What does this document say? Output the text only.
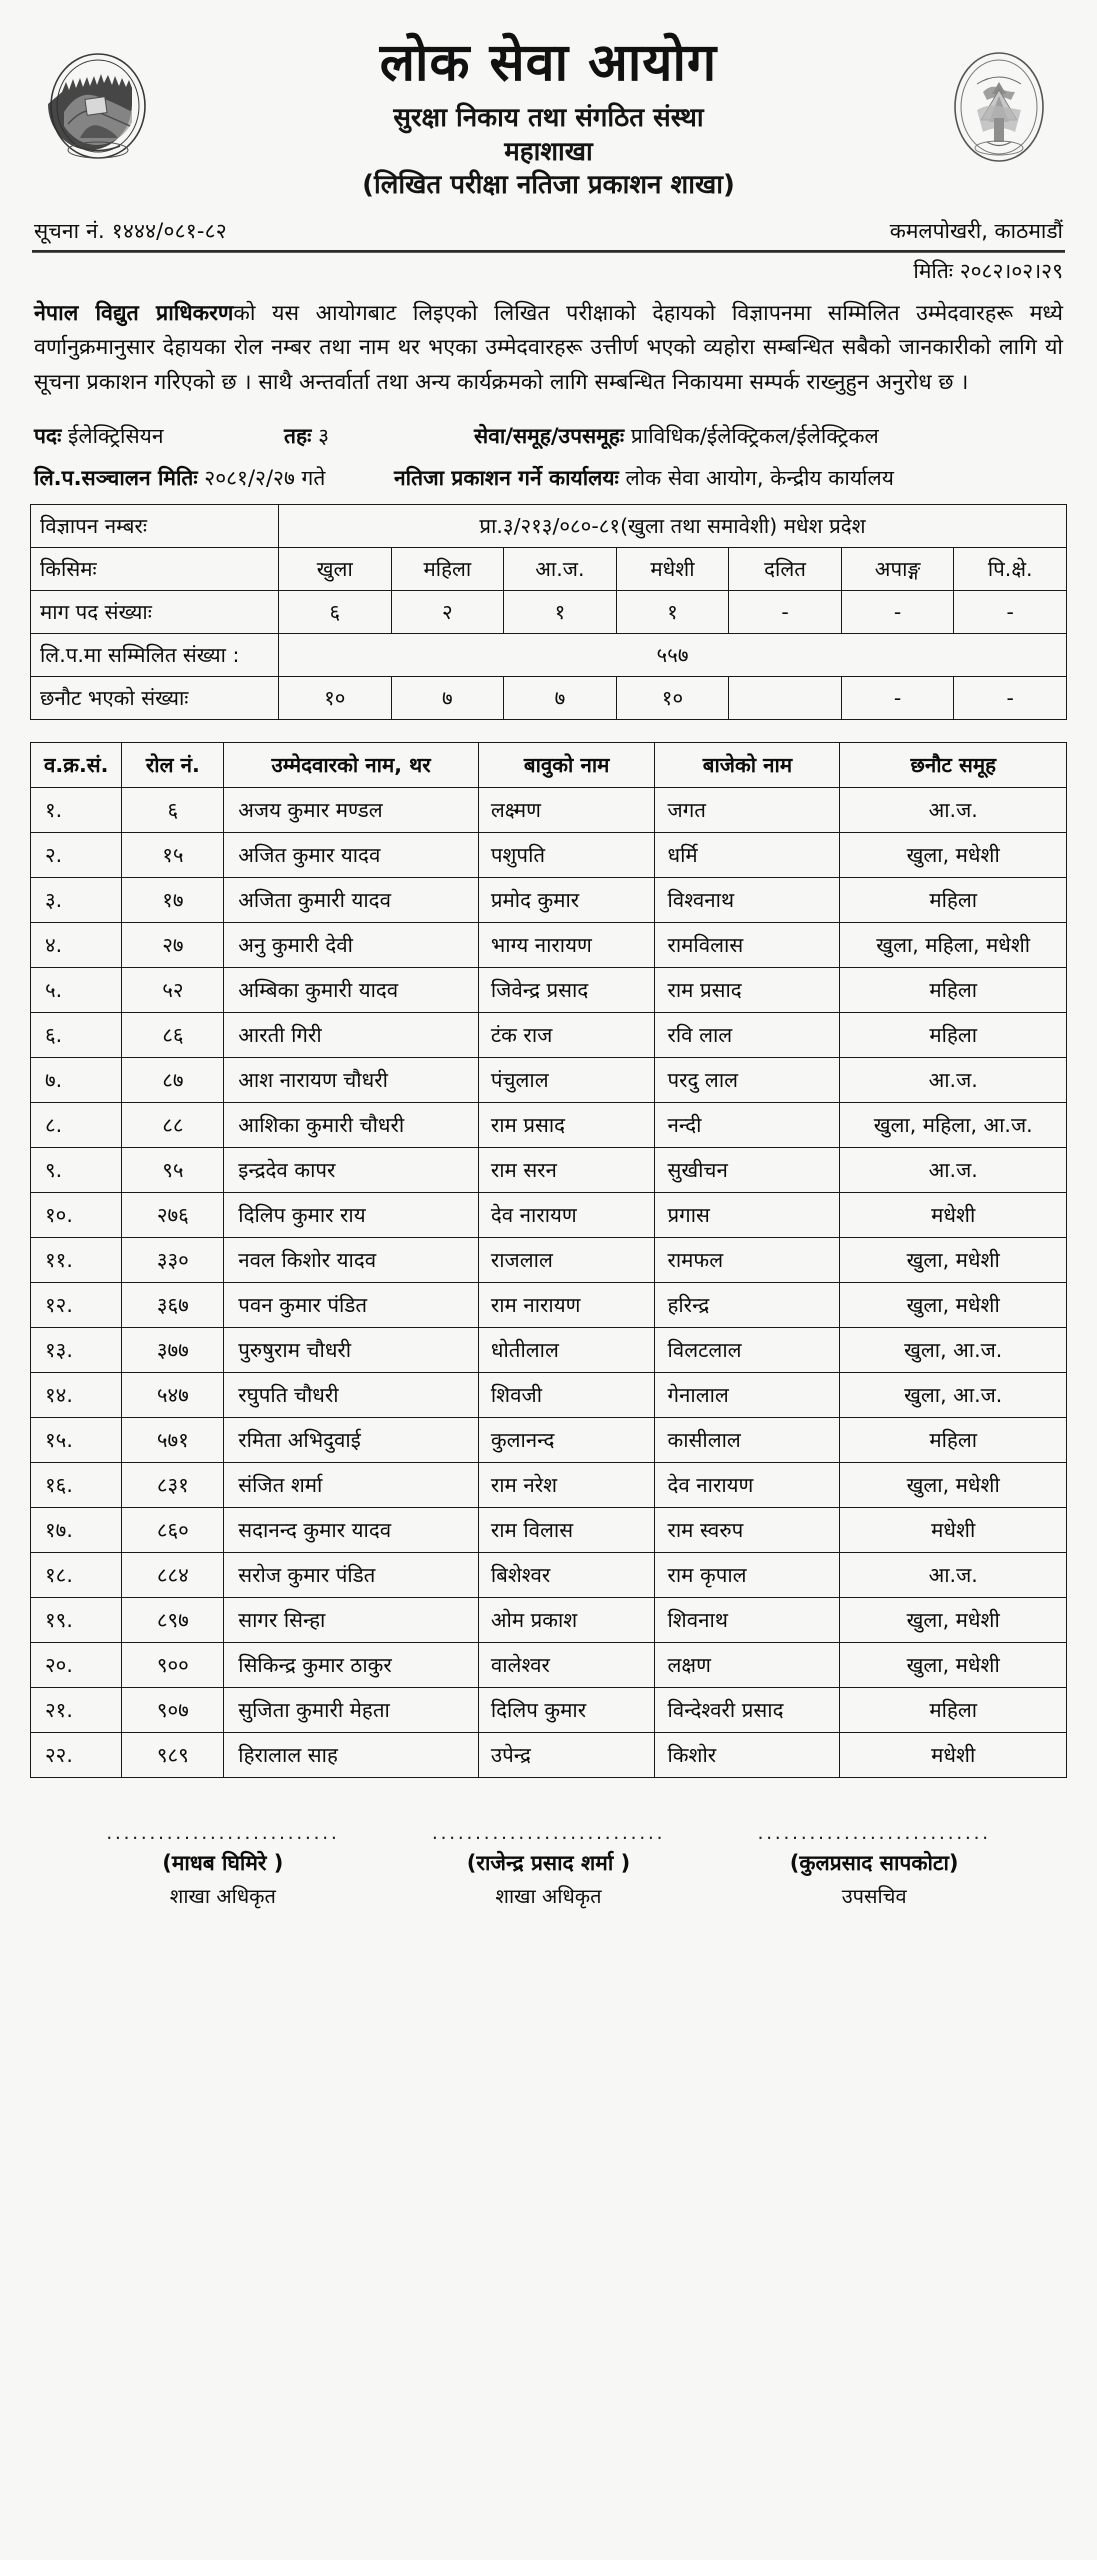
लोक सेवा आयोग
सुरक्षा निकाय तथा संगठित संस्था
महाशाखा
(लिखित परीक्षा नतिजा प्रकाशन शाखा)
सूचना नं. १४४४/०८१-८२	कमलपोखरी, काठमाडौं
मितिः २०८२।०२।२९
नेपाल विद्युत प्राधिकरणको यस आयोगबाट लिइएको लिखित परीक्षाको देहायको विज्ञापनमा सम्मिलित उम्मेदवारहरू मध्ये वर्णानुक्रमानुसार देहायका रोल नम्बर तथा नाम थर भएका उम्मेदवारहरू उत्तीर्ण भएको व्यहोरा सम्बन्धित सबैको जानकारीको लागि यो सूचना प्रकाशन गरिएको छ । साथै अन्तर्वार्ता तथा अन्य कार्यक्रमको लागि सम्बन्धित निकायमा सम्पर्क राख्नुहुन अनुरोध छ ।
पदः ईलेक्ट्रिसियन	तहः ३	सेवा/समूह/उपसमूहः प्राविधिक/ईलेक्ट्रिकल/ईलेक्ट्रिकल
लि.प.सञ्चालन मितिः २०८१/२/२७ गते	नतिजा प्रकाशन गर्ने कार्यालयः लोक सेवा आयोग, केन्द्रीय कार्यालय
विज्ञापन नम्बरः	प्रा.३/२१३/०८०-८१(खुला तथा समावेशी) मधेश प्रदेश						
किसिमः	खुला	महिला	आ.ज.	मधेशी	दलित	अपाङ्ग	पि.क्षे.
माग पद संख्याः	६	२	१	१	-	-	-
लि.प.मा सम्मिलित संख्या :	५५७						
छनौट भएको संख्याः	१०	७	७	१०		-	-
व.क्र.सं.	रोल नं.	उम्मेदवारको नाम, थर	बावुको नाम	बाजेको नाम	छनौट समूह
१.	६	अजय कुमार मण्डल	लक्ष्मण	जगत	आ.ज.
२.	१५	अजित कुमार यादव	पशुपति	धर्मि	खुला, मधेशी
३.	१७	अजिता कुमारी यादव	प्रमोद कुमार	विश्वनाथ	महिला
४.	२७	अनु कुमारी देवी	भाग्य नारायण	रामविलास	खुला, महिला, मधेशी
५.	५२	अम्बिका कुमारी यादव	जिवेन्द्र प्रसाद	राम प्रसाद	महिला
६.	८६	आरती गिरी	टंक राज	रवि लाल	महिला
७.	८७	आश नारायण चौधरी	पंचुलाल	परदु लाल	आ.ज.
८.	८८	आशिका कुमारी चौधरी	राम प्रसाद	नन्दी	खुला, महिला, आ.ज.
९.	९५	इन्द्रदेव कापर	राम सरन	सुखीचन	आ.ज.
१०.	२७६	दिलिप कुमार राय	देव नारायण	प्रगास	मधेशी
११.	३३०	नवल किशोर यादव	राजलाल	रामफल	खुला, मधेशी
१२.	३६७	पवन कुमार पंडित	राम नारायण	हरिन्द्र	खुला, मधेशी
१३.	३७७	पुरुषुराम चौधरी	धोतीलाल	विलटलाल	खुला, आ.ज.
१४.	५४७	रघुपति चौधरी	शिवजी	गेनालाल	खुला, आ.ज.
१५.	५७१	रमिता अभिदुवाई	कुलानन्द	कासीलाल	महिला
१६.	८३१	संजित शर्मा	राम नरेश	देव नारायण	खुला, मधेशी
१७.	८६०	सदानन्द कुमार यादव	राम विलास	राम स्वरुप	मधेशी
१८.	८८४	सरोज कुमार पंडित	बिशेश्वर	राम कृपाल	आ.ज.
१९.	८९७	सागर सिन्हा	ओम प्रकाश	शिवनाथ	खुला, मधेशी
२०.	९००	सिकिन्द्र कुमार ठाकुर	वालेश्वर	लक्षण	खुला, मधेशी
२१.	९०७	सुजिता कुमारी मेहता	दिलिप कुमार	विन्देश्वरी प्रसाद	महिला
२२.	९८९	हिरालाल साह	उपेन्द्र	किशोर	मधेशी
...........................
(माधब घिमिरे )
शाखा अधिकृत
...........................
(राजेन्द्र प्रसाद शर्मा )
शाखा अधिकृत
...........................
(कुलप्रसाद सापकोटा)
उपसचिव
